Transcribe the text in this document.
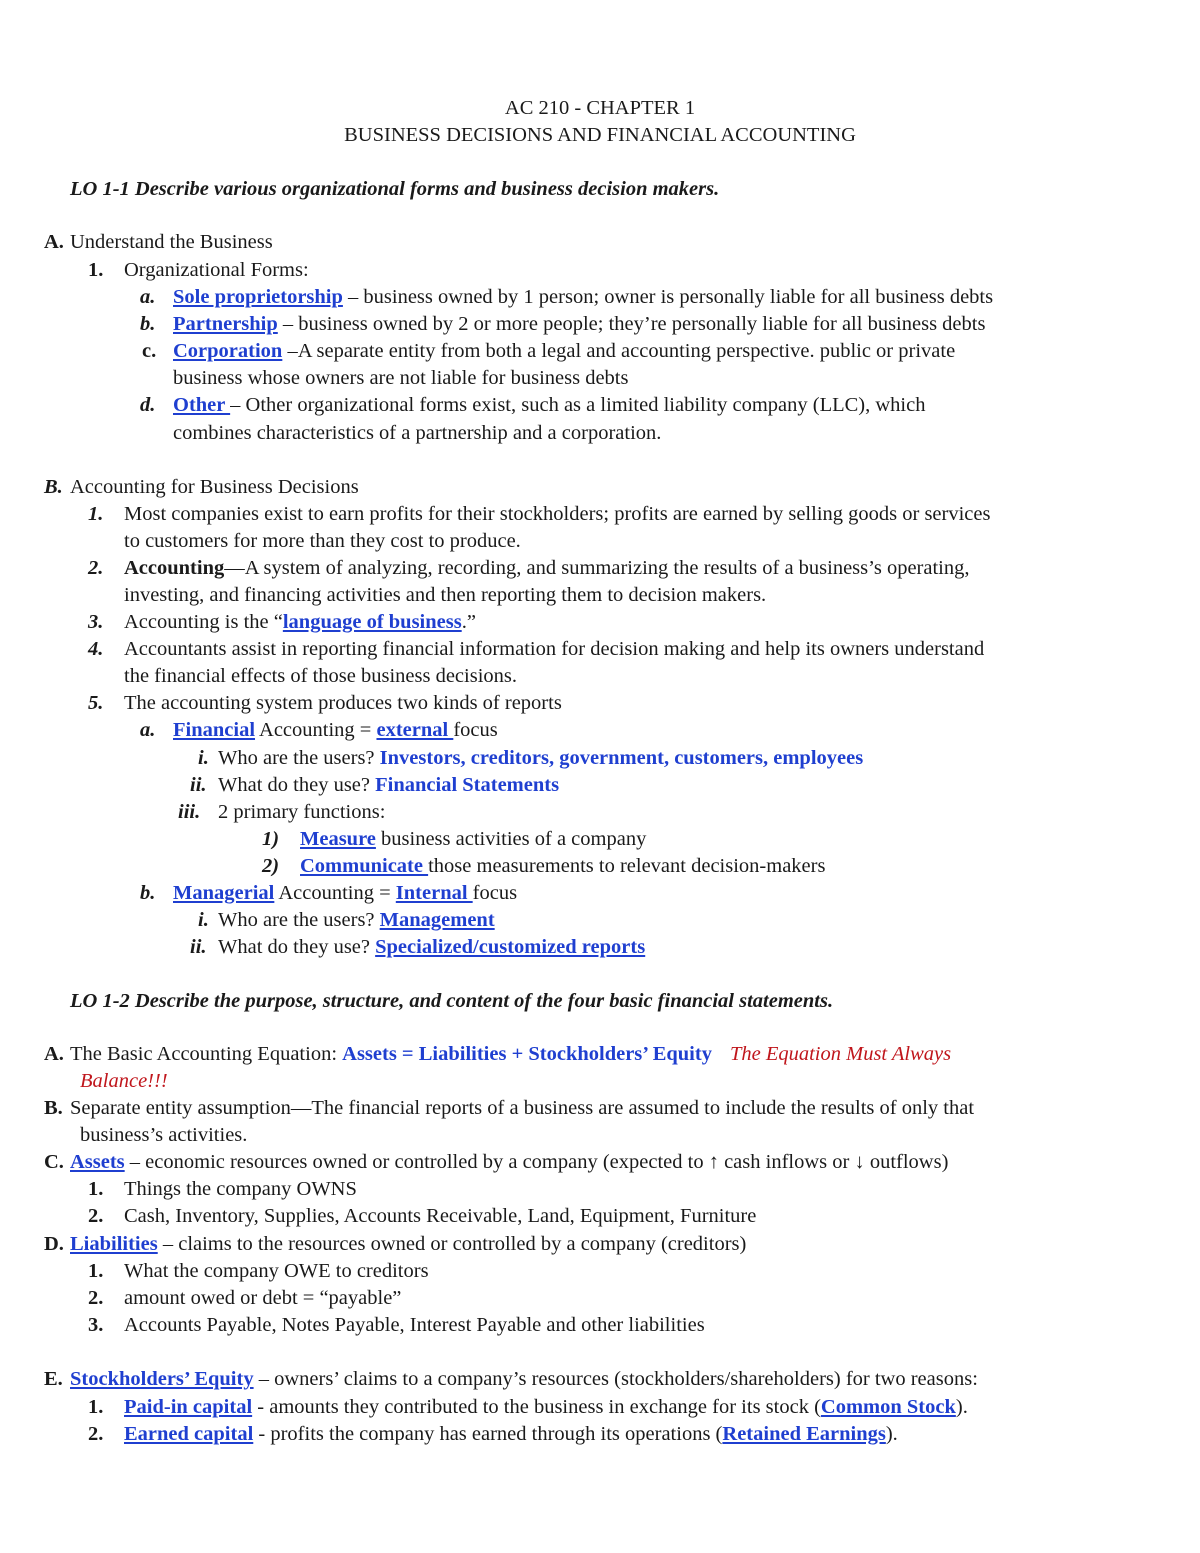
AC 210 - CHAPTER 1
BUSINESS DECISIONS AND FINANCIAL ACCOUNTING
LO 1-1 Describe various organizational forms and business decision makers.
A. Understand the Business
1. Organizational Forms:
a. Sole proprietorship – business owned by 1 person; owner is personally liable for all business debts
b. Partnership – business owned by 2 or more people; they’re personally liable for all business debts
c. Corporation –A separate entity from both a legal and accounting perspective. public or private
business whose owners are not liable for business debts
d. Other – Other organizational forms exist, such as a limited liability company (LLC), which
combines characteristics of a partnership and a corporation.
B. Accounting for Business Decisions
1. Most companies exist to earn profits for their stockholders; profits are earned by selling goods or services
to customers for more than they cost to produce.
2. Accounting—A system of analyzing, recording, and summarizing the results of a business’s operating,
investing, and financing activities and then reporting them to decision makers.
3. Accounting is the “language of business.”
4. Accountants assist in reporting financial information for decision making and help its owners understand
the financial effects of those business decisions.
5. The accounting system produces two kinds of reports
a. Financial Accounting = external focus
i. Who are the users? Investors, creditors, government, customers, employees
ii. What do they use? Financial Statements
iii. 2 primary functions:
1) Measure business activities of a company
2) Communicate those measurements to relevant decision-makers
b. Managerial Accounting = Internal focus
i. Who are the users? Management
ii. What do they use? Specialized/customized reports
LO 1-2 Describe the purpose, structure, and content of the four basic financial statements.
A. The Basic Accounting Equation: Assets = Liabilities + Stockholders’ Equity The Equation Must Always
Balance!!!
B. Separate entity assumption—The financial reports of a business are assumed to include the results of only that
business’s activities.
C. Assets – economic resources owned or controlled by a company (expected to ↑ cash inflows or ↓ outflows)
1. Things the company OWNS
2. Cash, Inventory, Supplies, Accounts Receivable, Land, Equipment, Furniture
D. Liabilities – claims to the resources owned or controlled by a company (creditors)
1. What the company OWE to creditors
2. amount owed or debt = “payable”
3. Accounts Payable, Notes Payable, Interest Payable and other liabilities
E. Stockholders’ Equity – owners’ claims to a company’s resources (stockholders/shareholders) for two reasons:
1. Paid-in capital - amounts they contributed to the business in exchange for its stock (Common Stock).
2. Earned capital - profits the company has earned through its operations (Retained Earnings).
